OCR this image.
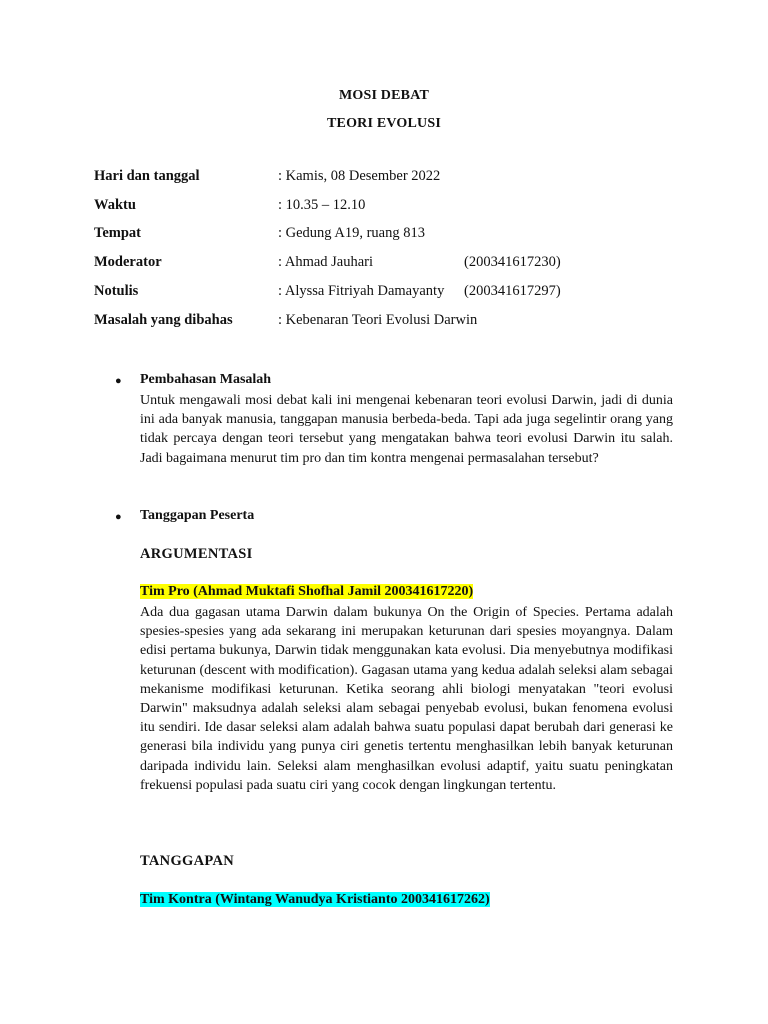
MOSI DEBAT
TEORI EVOLUSI
Hari dan tanggal	: Kamis, 08 Desember 2022
Waktu	: 10.35 – 12.10
Tempat	: Gedung A19, ruang 813
Moderator	: Ahmad Jauhari	(200341617230)
Notulis	: Alyssa Fitriyah Damayanty (200341617297)
Masalah yang dibahas	: Kebenaran Teori Evolusi Darwin
● Pembahasan Masalah

Untuk mengawali mosi debat kali ini mengenai kebenaran teori evolusi Darwin, jadi di dunia ini ada banyak manusia, tanggapan manusia berbeda-beda. Tapi ada juga segelintir orang yang tidak percaya dengan teori tersebut yang mengatakan bahwa teori evolusi Darwin itu salah. Jadi bagaimana menurut tim pro dan tim kontra mengenai permasalahan tersebut?

● Tanggapan Peserta
ARGUMENTASI
Tim Pro (Ahmad Muktafi Shofhal Jamil 200341617220)

Ada dua gagasan utama Darwin dalam bukunya On the Origin of Species. Pertama adalah spesies-spesies yang ada sekarang ini merupakan keturunan dari spesies moyangnya. Dalam edisi pertama bukunya, Darwin tidak menggunakan kata evolusi. Dia menyebutnya modifikasi keturunan (descent with modification). Gagasan utama yang kedua adalah seleksi alam sebagai mekanisme modifikasi keturunan. Ketika seorang ahli biologi menyatakan "teori evolusi Darwin" maksudnya adalah seleksi alam sebagai penyebab evolusi, bukan fenomena evolusi itu sendiri. Ide dasar seleksi alam adalah bahwa suatu populasi dapat berubah dari generasi ke generasi bila individu yang punya ciri genetis tertentu menghasilkan lebih banyak keturunan daripada individu lain. Seleksi alam menghasilkan evolusi adaptif, yaitu suatu peningkatan frekuensi populasi pada suatu ciri yang cocok dengan lingkungan tertentu.

TANGGAPAN
Tim Kontra (Wintang Wanudya Kristianto 200341617262)
